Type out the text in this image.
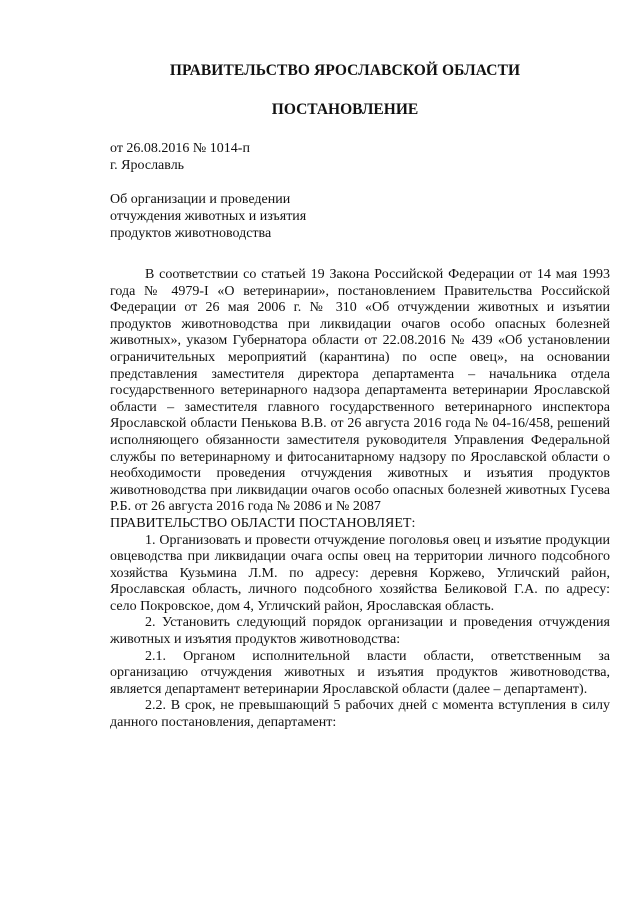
ПРАВИТЕЛЬСТВО ЯРОСЛАВСКОЙ ОБЛАСТИ
ПОСТАНОВЛЕНИЕ
от 26.08.2016 № 1014-п
г. Ярославль
Об организации и проведении
отчуждения животных и изъятия
продуктов животноводства

В соответствии со статьей 19 Закона Российской Федерации от 14 мая 1993 года № 4979-I «О ветеринарии», постановлением Правительства Российской Федерации от 26 мая 2006 г. № 310 «Об отчуждении животных и изъятии продуктов животноводства при ликвидации очагов особо опасных болезней животных», указом Губернатора области от 22.08.2016 № 439 «Об установлении ограничительных мероприятий (карантина) по оспе овец», на основании представления заместителя директора департамента – начальника отдела государственного ветеринарного надзора департамента ветеринарии Ярославской области – заместителя главного государственного ветеринарного инспектора Ярославской области Пенькова В.В. от 26 августа 2016 года № 04-16/458, решений исполняющего обязанности заместителя руководителя Управления Федеральной службы по ветеринарному и фитосанитарному надзору по Ярославской области о необходимости проведения отчуждения животных и изъятия продуктов животноводства при ликвидации очагов особо опасных болезней животных Гусева Р.Б. от 26 августа 2016 года № 2086 и № 2087

ПРАВИТЕЛЬСТВО ОБЛАСТИ ПОСТАНОВЛЯЕТ:

1. Организовать и провести отчуждение поголовья овец и изъятие продукции овцеводства при ликвидации очага оспы овец на территории личного подсобного хозяйства Кузьмина Л.М. по адресу: деревня Коржево, Угличский район, Ярославская область, личного подсобного хозяйства Беликовой Г.А. по адресу: село Покровское, дом 4, Угличский район, Ярославская область.

2. Установить следующий порядок организации и проведения отчуждения животных и изъятия продуктов животноводства:

2.1. Органом исполнительной власти области, ответственным за организацию отчуждения животных и изъятия продуктов животноводства, является департамент ветеринарии Ярославской области (далее – департамент).

2.2. В срок, не превышающий 5 рабочих дней с момента вступления в силу данного постановления, департамент:
